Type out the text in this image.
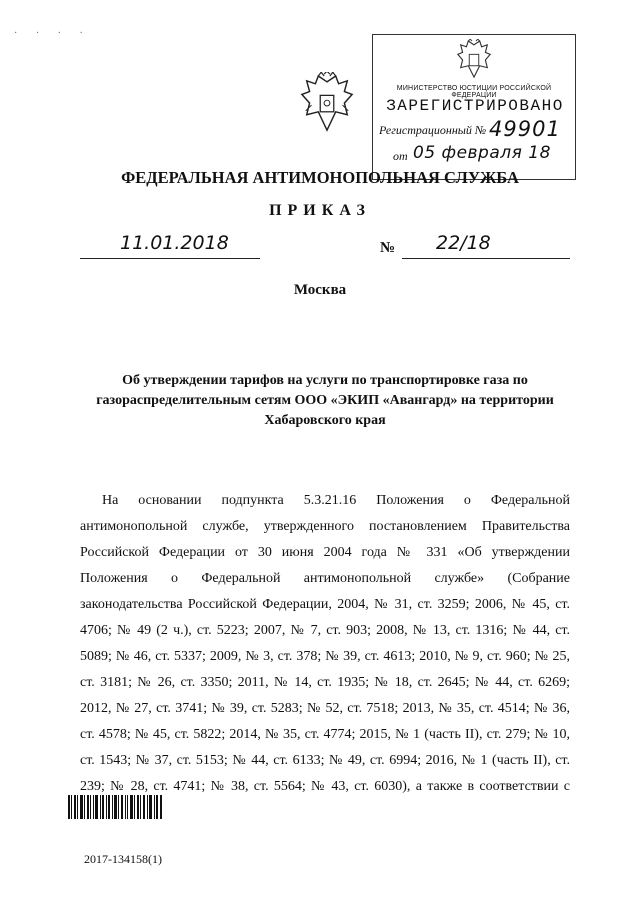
· · · ·
МИНИСТЕРСТВО ЮСТИЦИИ РОССИЙСКОЙ ФЕДЕРАЦИИ
ЗАРЕГИСТРИРОВАНО
Регистрационный № 49901
от 05 февраля 18
ФЕДЕРАЛЬНАЯ АНТИМОНОПОЛЬНАЯ СЛУЖБА
ПРИКАЗ
11.01.2018	№ 22/18
Москва
Об утверждении тарифов на услуги по транспортировке газа по
газораспределительным сетям ООО «ЭКИП «Авангард» на территории
Хабаровского края
На основании подпункта 5.3.21.16 Положения о Федеральной
антимонопольной службе, утвержденного постановлением Правительства
Российской Федерации от 30 июня 2004 года № 331 «Об утверждении
Положения о Федеральной антимонопольной службе» (Собрание
законодательства Российской Федерации, 2004, № 31, ст. 3259; 2006, № 45, ст.
4706; № 49 (2 ч.), ст. 5223; 2007, № 7, ст. 903; 2008, № 13, ст. 1316; № 44, ст.
5089; № 46, ст. 5337; 2009, № 3, ст. 378; № 39, ст. 4613; 2010, № 9, ст. 960; № 25,
ст. 3181; № 26, ст. 3350; 2011, № 14, ст. 1935; № 18, ст. 2645; № 44, ст. 6269;
2012, № 27, ст. 3741; № 39, ст. 5283; № 52, ст. 7518; 2013, № 35, ст. 4514; № 36,
ст. 4578; № 45, ст. 5822; 2014, № 35, ст. 4774; 2015, № 1 (часть II), ст. 279; № 10,
ст. 1543; № 37, ст. 5153; № 44, ст. 6133; № 49, ст. 6994; 2016, № 1 (часть II), ст.
239; № 28, ст. 4741; № 38, ст. 5564; № 43, ст. 6030), а также в соответствии с
2017-134158(1)
